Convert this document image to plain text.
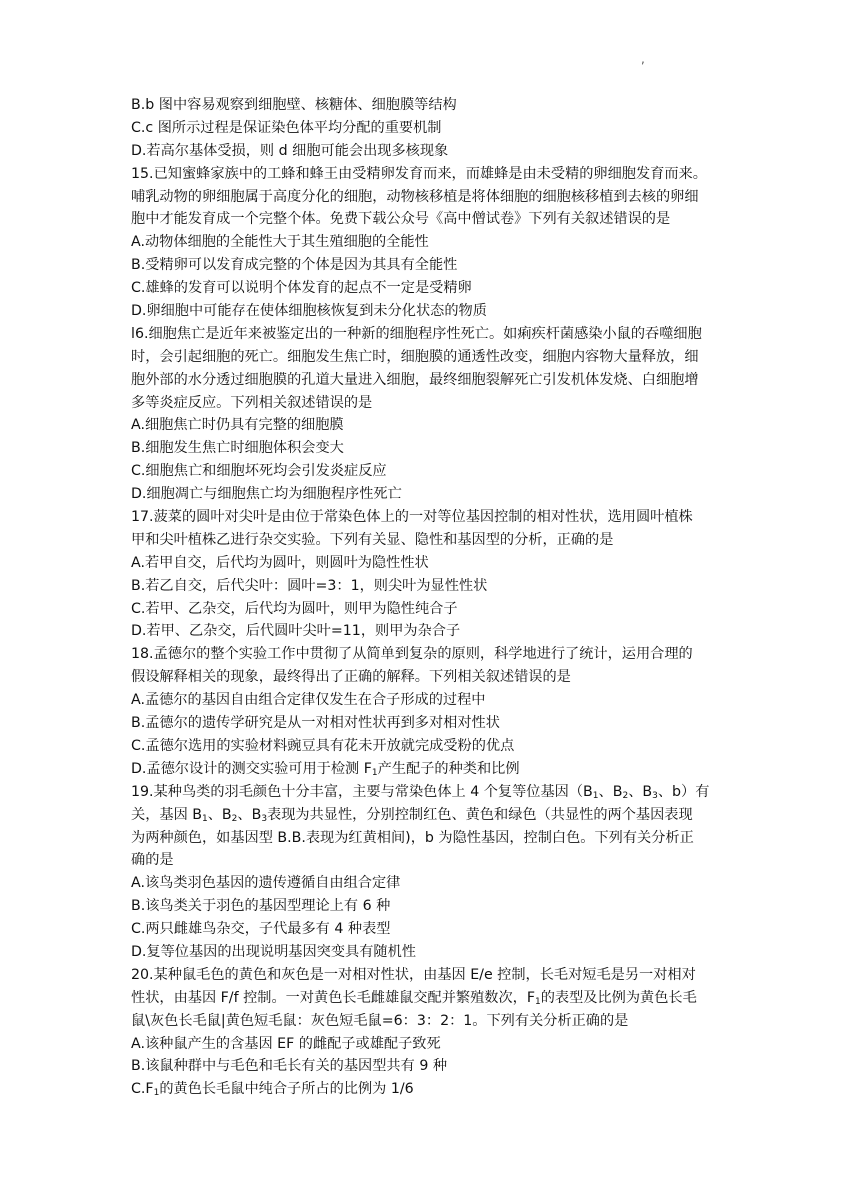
,
B.b 图中容易观察到细胞壁、核糖体、细胞膜等结构
C.c 图所示过程是保证染色体平均分配的重要机制
D.若高尔基体受损，则 d 细胞可能会出现多核现象
15.已知蜜蜂家族中的工蜂和蜂王由受精卵发育而来，而雄蜂是由未受精的卵细胞发育而来。
哺乳动物的卵细胞属于高度分化的细胞，动物核移植是将体细胞的细胞核移植到去核的卵细
胞中才能发育成一个完整个体。免费下载公众号《高中僧试卷》下列有关叙述错误的是
A.动物体细胞的全能性大于其生殖细胞的全能性
B.受精卵可以发育成完整的个体是因为其具有全能性
C.雄蜂的发育可以说明个体发育的起点不一定是受精卵
D.卵细胞中可能存在使体细胞核恢复到未分化状态的物质
l6.细胞焦亡是近年来被鉴定出的一种新的细胞程序性死亡。如痢疾杆菌感染小鼠的吞噬细胞
时，会引起细胞的死亡。细胞发生焦亡时，细胞膜的通透性改变，细胞内容物大量释放，细
胞外部的水分透过细胞膜的孔道大量进入细胞，最终细胞裂解死亡引发机体发烧、白细胞增
多等炎症反应。下列相关叙述错误的是
A.细胞焦亡时仍具有完整的细胞膜
B.细胞发生焦亡时细胞体积会变大
C.细胞焦亡和细胞坏死均会引发炎症反应
D.细胞凋亡与细胞焦亡均为细胞程序性死亡
17.菠菜的圆叶对尖叶是由位于常染色体上的一对等位基因控制的相对性状，选用圆叶植株
甲和尖叶植株乙进行杂交实验。下列有关显、隐性和基因型的分析，正确的是
A.若甲自交，后代均为圆叶，则圆叶为隐性性状
B.若乙自交，后代尖叶：圆叶=3：1，则尖叶为显性性状
C.若甲、乙杂交，后代均为圆叶，则甲为隐性纯合子
D.若甲、乙杂交，后代圆叶尖叶=11，则甲为杂合子
18.孟德尔的整个实验工作中贯彻了从简单到复杂的原则，科学地进行了统计，运用合理的
假设解释相关的现象，最终得出了正确的解释。下列相关叙述错误的是
A.孟德尔的基因自由组合定律仅发生在合子形成的过程中
B.孟德尔的遗传学研究是从一对相对性状再到多对相对性状
C.孟德尔选用的实验材料豌豆具有花未开放就完成受粉的优点
D.孟德尔设计的测交实验可用于检测 $F_1$产生配子的种类和比例
19.某种鸟类的羽毛颜色十分丰富，主要与常染色体上 4 个复等位基因（$B_1$、$B_2$、$B_3$、b）有
关，基因 $B_1$、$B_2$、$B_3$表现为共显性，分别控制红色、黄色和绿色（共显性的两个基因表现
为两种颜色，如基因型 B.B.表现为红黄相间)，b 为隐性基因，控制白色。下列有关分析正
确的是
A.该鸟类羽色基因的遗传遵循自由组合定律
B.该鸟类关于羽色的基因型理论上有 6 种
C.两只雌雄鸟杂交，子代最多有 4 种表型
D.复等位基因的出现说明基因突变具有随机性
20.某种鼠毛色的黄色和灰色是一对相对性状，由基因 E/e 控制，长毛对短毛是另一对相对
性状，由基因 F/f 控制。一对黄色长毛雌雄鼠交配并繁殖数次，$F_1$的表型及比例为黄色长毛
鼠\灰色长毛鼠|黄色短毛鼠：灰色短毛鼠=6：3：2：1。下列有关分析正确的是
A.该种鼠产生的含基因 EF 的雌配子或雄配子致死
B.该鼠种群中与毛色和毛长有关的基因型共有 9 种
$C.F_1$的黄色长毛鼠中纯合子所占的比例为 1/6
